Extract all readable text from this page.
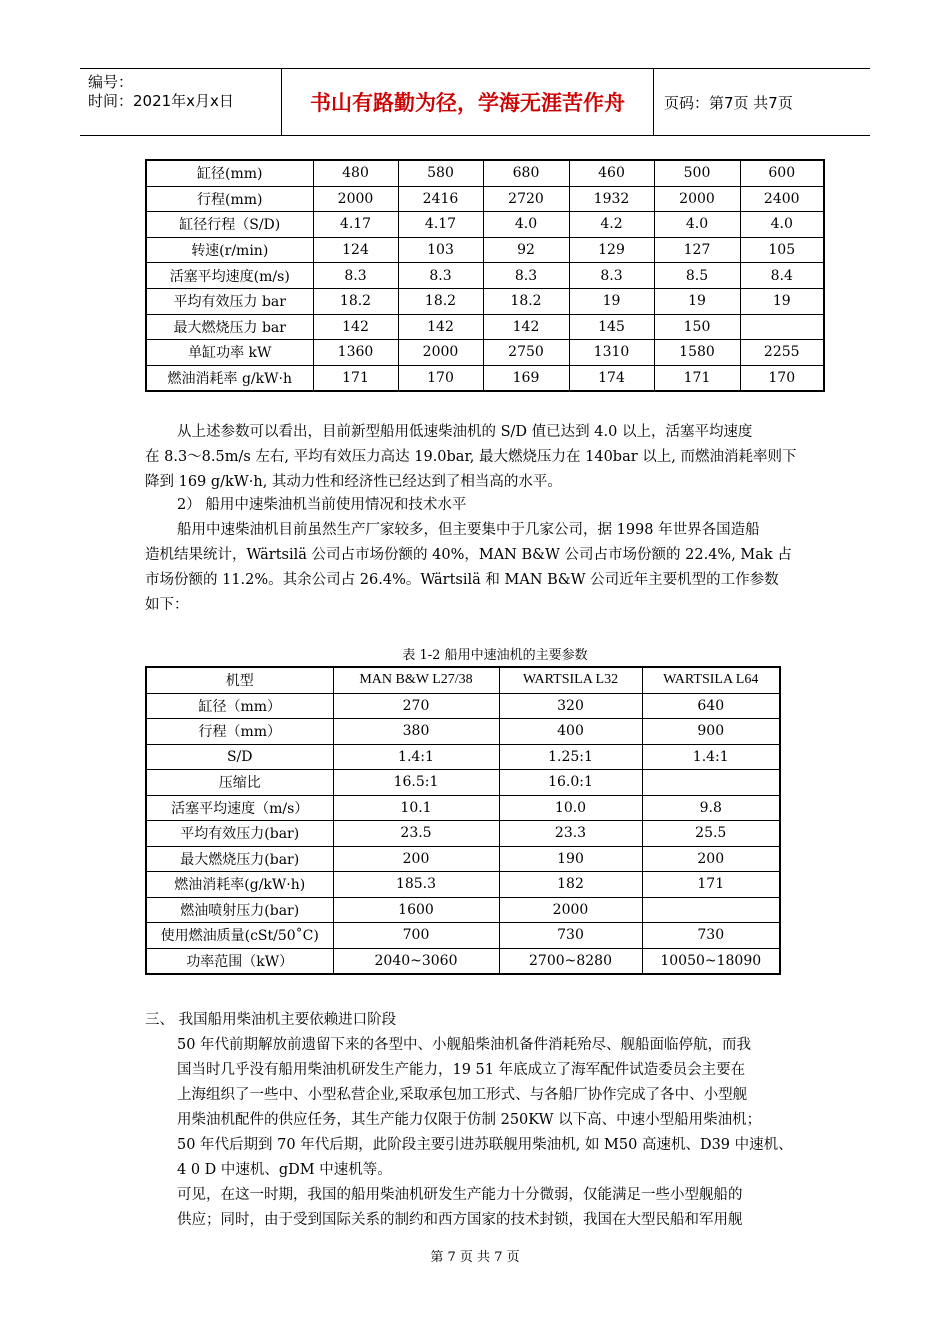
编号：
时间：2021年x月x日	书山有路勤为径，学海无涯苦作舟	页码：第7页 共7页
缸径(mm)	480	580	680	460	500	600
行程(mm)	2000	2416	2720	1932	2000	2400
缸径行程（S/D)	4.17	4.17	4.0	4.2	4.0	4.0
转速(r/min)	124	103	92	129	127	105
活塞平均速度(m/s)	8.3	8.3	8.3	8.3	8.5	8.4
平均有效压力 bar	18.2	18.2	18.2	19	19	19
最大燃烧压力 bar	142	142	142	145	150	
单缸功率 kW	1360	2000	2750	1310	1580	2255
燃油消耗率 g/kW·h	171	170	169	174	171	170
从上述参数可以看出，目前新型船用低速柴油机的 S/D 值已达到 4.0 以上，活塞平均速度
在 8.3～8.5m/s 左右, 平均有效压力高达 19.0bar, 最大燃烧压力在 140bar 以上, 而燃油消耗率则下
降到 169 g/kW·h, 其动力性和经济性已经达到了相当高的水平。
2） 船用中速柴油机当前使用情况和技术水平
船用中速柴油机目前虽然生产厂家较多，但主要集中于几家公司，据 1998 年世界各国造船
造机结果统计，Wärtsilä 公司占市场份额的 40%，MAN B&W 公司占市场份额的 22.4%, Mak 占
市场份额的 11.2%。其余公司占 26.4%。Wärtsilä 和 MAN B&W 公司近年主要机型的工作参数
如下：
表 1-2 船用中速油机的主要参数
机型	MAN B&W L27/38	WARTSILA L32	WARTSILA L64
缸径（mm）	270	320	640
行程（mm）	380	400	900
S/D	1.4:1	1.25:1	1.4:1
压缩比	16.5:1	16.0:1	
活塞平均速度（m/s）	10.1	10.0	9.8
平均有效压力(bar)	23.5	23.3	25.5
最大燃烧压力(bar)	200	190	200
燃油消耗率(g/kW·h)	185.3	182	171
燃油喷射压力(bar)	1600	2000	
使用燃油质量(cSt/50˚C)	700	730	730
功率范围（kW）	2040~3060	2700~8280	10050~18090
三、 我国船用柴油机主要依赖进口阶段
50 年代前期解放前遗留下来的各型中、小舰船柴油机备件消耗殆尽、舰船面临停航，而我
国当时几乎没有船用柴油机研发生产能力，19 51 年底成立了海军配件试造委员会主要在
上海组织了一些中、小型私营企业,采取承包加工形式、与各船厂协作完成了各中、小型舰
用柴油机配件的供应任务，其生产能力仅限于仿制 250KW 以下高、中速小型船用柴油机；
50 年代后期到 70 年代后期，此阶段主要引进苏联舰用柴油机, 如 M50 高速机、D39 中速机、
4 0 D 中速机、gDM 中速机等。
可见，在这一时期，我国的船用柴油机研发生产能力十分微弱，仅能满足一些小型舰船的
供应；同时，由于受到国际关系的制约和西方国家的技术封锁，我国在大型民船和军用舰
第 7 页 共 7 页
